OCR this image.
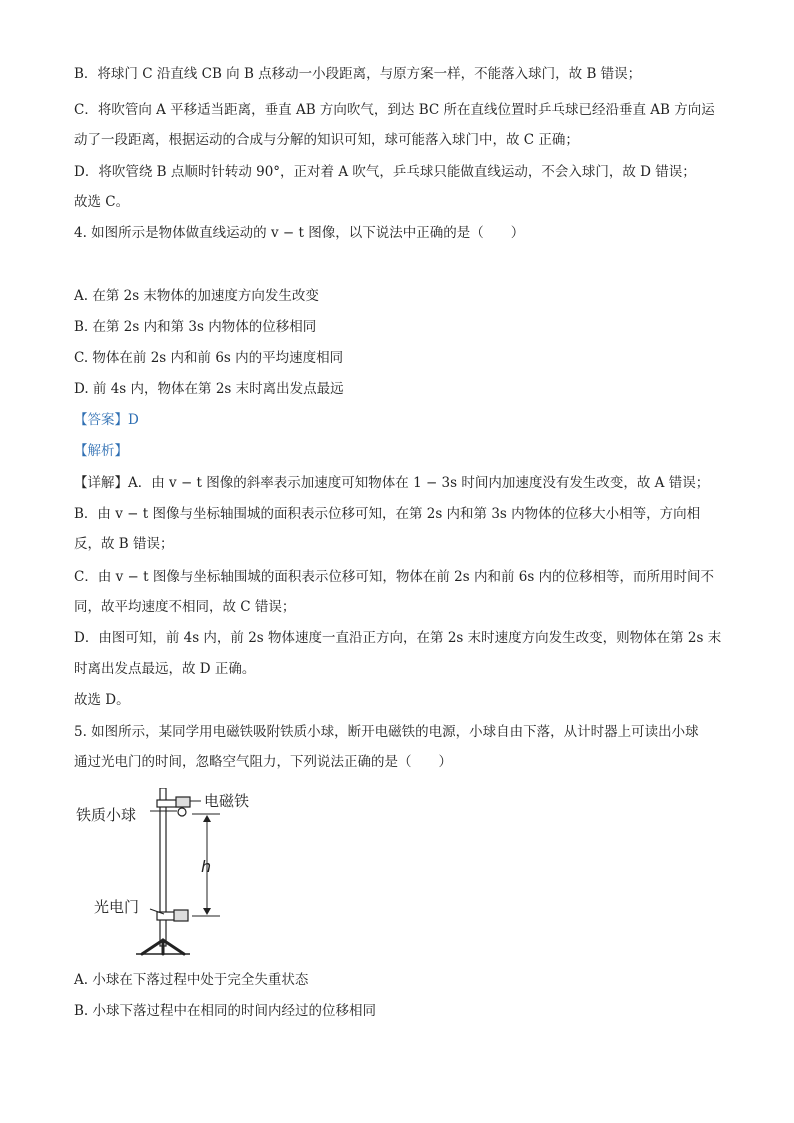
B．将球门 C 沿直线 CB 向 B 点移动一小段距离，与原方案一样，不能落入球门，故 B 错误；
C．将吹管向 A 平移适当距离，垂直 AB 方向吹气，到达 BC 所在直线位置时乒乓球已经沿垂直 AB 方向运
动了一段距离，根据运动的合成与分解的知识可知，球可能落入球门中，故 C 正确；
D．将吹管绕 B 点顺时针转动 90°，正对着 A 吹气，乒乓球只能做直线运动，不会入球门，故 D 错误；
故选 C。
4. 如图所示是物体做直线运动的 v − t 图像，以下说法中正确的是（　　）
A. 在第 2s 末物体的加速度方向发生改变
B. 在第 2s 内和第 3s 内物体的位移相同
C. 物体在前 2s 内和前 6s 内的平均速度相同
D. 前 4s 内，物体在第 2s 末时离出发点最远
【答案】D
【解析】
【详解】A．由 v − t 图像的斜率表示加速度可知物体在 1 − 3s 时间内加速度没有发生改变，故 A 错误；
B．由 v − t 图像与坐标轴围城的面积表示位移可知，在第 2s 内和第 3s 内物体的位移大小相等，方向相
反，故 B 错误；
C．由 v − t 图像与坐标轴围城的面积表示位移可知，物体在前 2s 内和前 6s 内的位移相等，而所用时间不
同，故平均速度不相同，故 C 错误；
D．由图可知，前 4s 内，前 2s 物体速度一直沿正方向，在第 2s 末时速度方向发生改变，则物体在第 2s 末
时离出发点最远，故 D 正确。
故选 D。
5. 如图所示，某同学用电磁铁吸附铁质小球，断开电磁铁的电源，小球自由下落，从计时器上可读出小球
通过光电门的时间，忽略空气阻力，下列说法正确的是（　　）
电磁铁
铁质小球
h
光电门
A. 小球在下落过程中处于完全失重状态
B. 小球下落过程中在相同的时间内经过的位移相同
